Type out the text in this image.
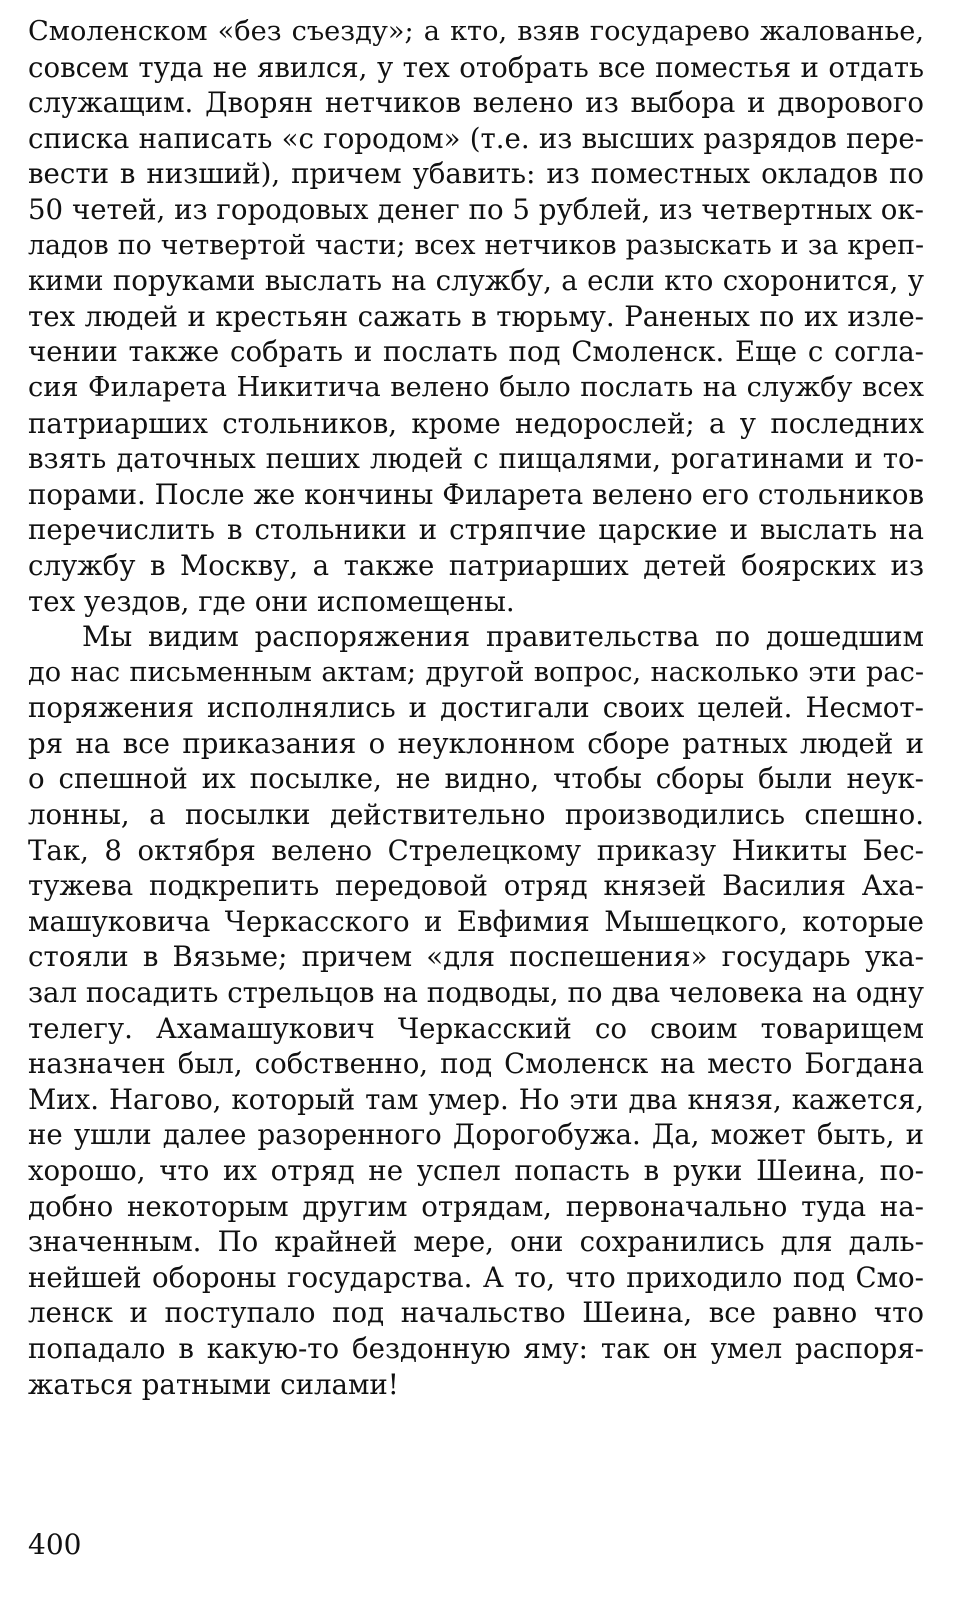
Смоленском «без съезду»; а кто, взяв государево жалованье,
совсем туда не явился, у тех отобрать все поместья и отдать
служащим. Дворян нетчиков велено из выбора и дворового
списка написать «с городом» (т.е. из высших разрядов пере-
вести в низший), причем убавить: из поместных окладов по
50 четей, из городовых денег по 5 рублей, из четвертных ок-
ладов по четвертой части; всех нетчиков разыскать и за креп-
кими поруками выслать на службу, а если кто схоронится, у
тех людей и крестьян сажать в тюрьму. Раненых по их изле-
чении также собрать и послать под Смоленск. Еще с согла-
сия Филарета Никитича велено было послать на службу всех
патриарших стольников, кроме недорослей; а у последних
взять даточных пеших людей с пищалями, рогатинами и то-
порами. После же кончины Филарета велено его стольников
перечислить в стольники и стряпчие царские и выслать на
службу в Москву, а также патриарших детей боярских из
тех уездов, где они испомещены.
Мы видим распоряжения правительства по дошедшим
до нас письменным актам; другой вопрос, насколько эти рас-
поряжения исполнялись и достигали своих целей. Несмот-
ря на все приказания о неуклонном сборе ратных людей и
о спешной их посылке, не видно, чтобы сборы были неук-
лонны, а посылки действительно производились спешно.
Так, 8 октября велено Стрелецкому приказу Никиты Бес-
тужева подкрепить передовой отряд князей Василия Аха-
машуковича Черкасского и Евфимия Мышецкого, которые
стояли в Вязьме; причем «для поспешения» государь ука-
зал посадить стрельцов на подводы, по два человека на одну
телегу. Ахамашукович Черкасский со своим товарищем
назначен был, собственно, под Смоленск на место Богдана
Мих. Нагово, который там умер. Но эти два князя, кажется,
не ушли далее разоренного Дорогобужа. Да, может быть, и
хорошо, что их отряд не успел попасть в руки Шеина, по-
добно некоторым другим отрядам, первоначально туда на-
значенным. По крайней мере, они сохранились для даль-
нейшей обороны государства. А то, что приходило под Смо-
ленск и поступало под начальство Шеина, все равно что
попадало в какую-то бездонную яму: так он умел распоря-
жаться ратными силами!
400
